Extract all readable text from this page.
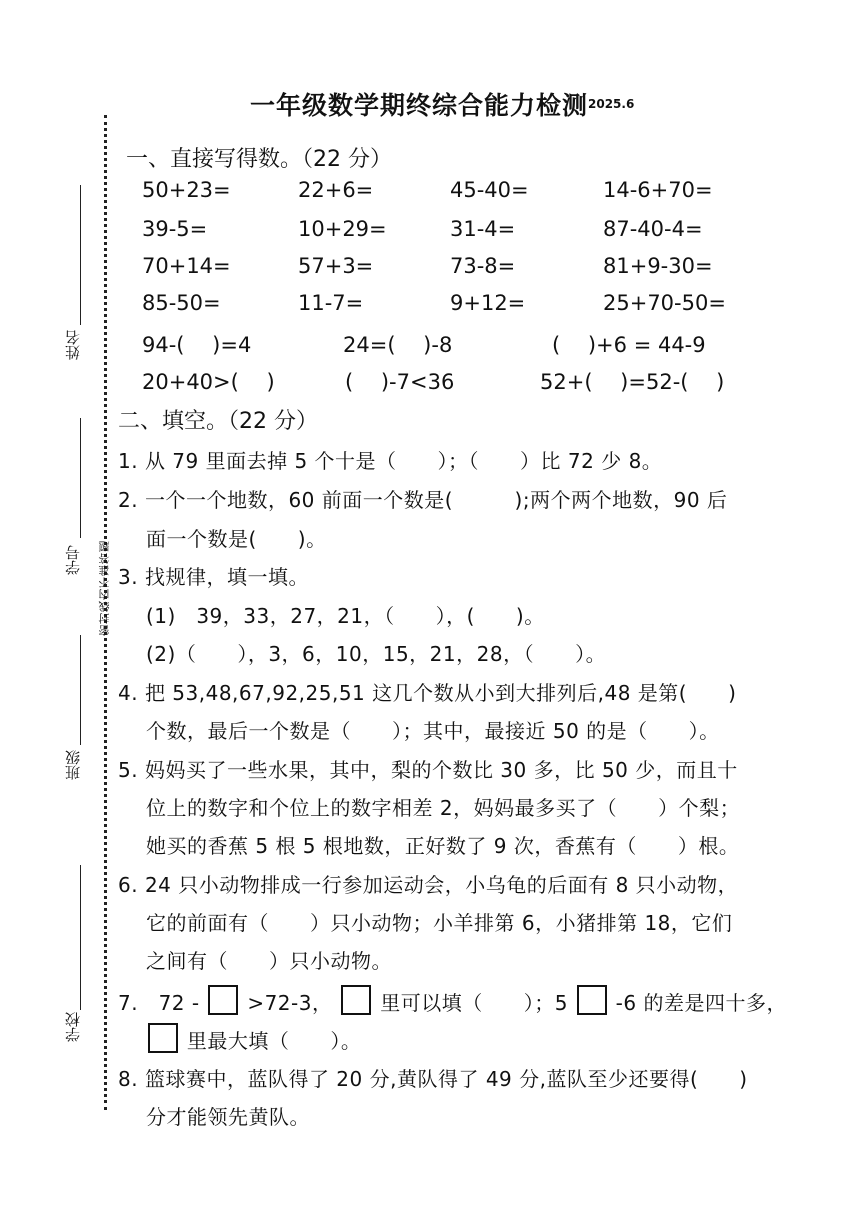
姓名
学号
班级
学校
密封线内不准答题
一年级数学期终综合能力检测 2025.6
一、直接写得数。（22 分）
50+23=	22+6=	45-40=	14-6+70=
39-5=	10+29=	31-4=	87-40-4=
70+14=	57+3=	73-8=	81+9-30=
85-50=	11-7=	9+12=	25+70-50=
94-(　 )=4	24=(　 )-8	(　 )+6 = 44-9
20+40>(　 )	(　 )-7<36	52+(　 )=52-(　 )
二、填空。（22 分）
1. 从 79 里面去掉 5 个十是（　　）；（　　）比 72 少 8。
2. 一个一个地数，60 前面一个数是(　　　);两个两个地数，90 后
面一个数是(　　)。
3. 找规律，填一填。
(1)　39，33，27，21，（　　），(　　)。
(2)（　　），3，6，10，15，21，28，（　　）。
4. 把 53,48,67,92,25,51 这几个数从小到大排列后,48 是第(　　)
个数，最后一个数是（　　）；其中，最接近 50 的是（　　）。
5. 妈妈买了一些水果，其中，梨的个数比 30 多，比 50 少，而且十
位上的数字和个位上的数字相差 2，妈妈最多买了（　　）个梨；
她买的香蕉 5 根 5 根地数，正好数了 9 次，香蕉有（　　）根。
6. 24 只小动物排成一行参加运动会，小乌龟的后面有 8 只小动物，
它的前面有（　　）只小动物；小羊排第 6，小猪排第 18，它们
之间有（　　）只小动物。
7.　72 - >72-3， 里可以填（　　）；5 -6 的差是四十多，
里最大填（　　）。
8. 篮球赛中，蓝队得了 20 分,黄队得了 49 分,蓝队至少还要得(　　)
分才能领先黄队。
